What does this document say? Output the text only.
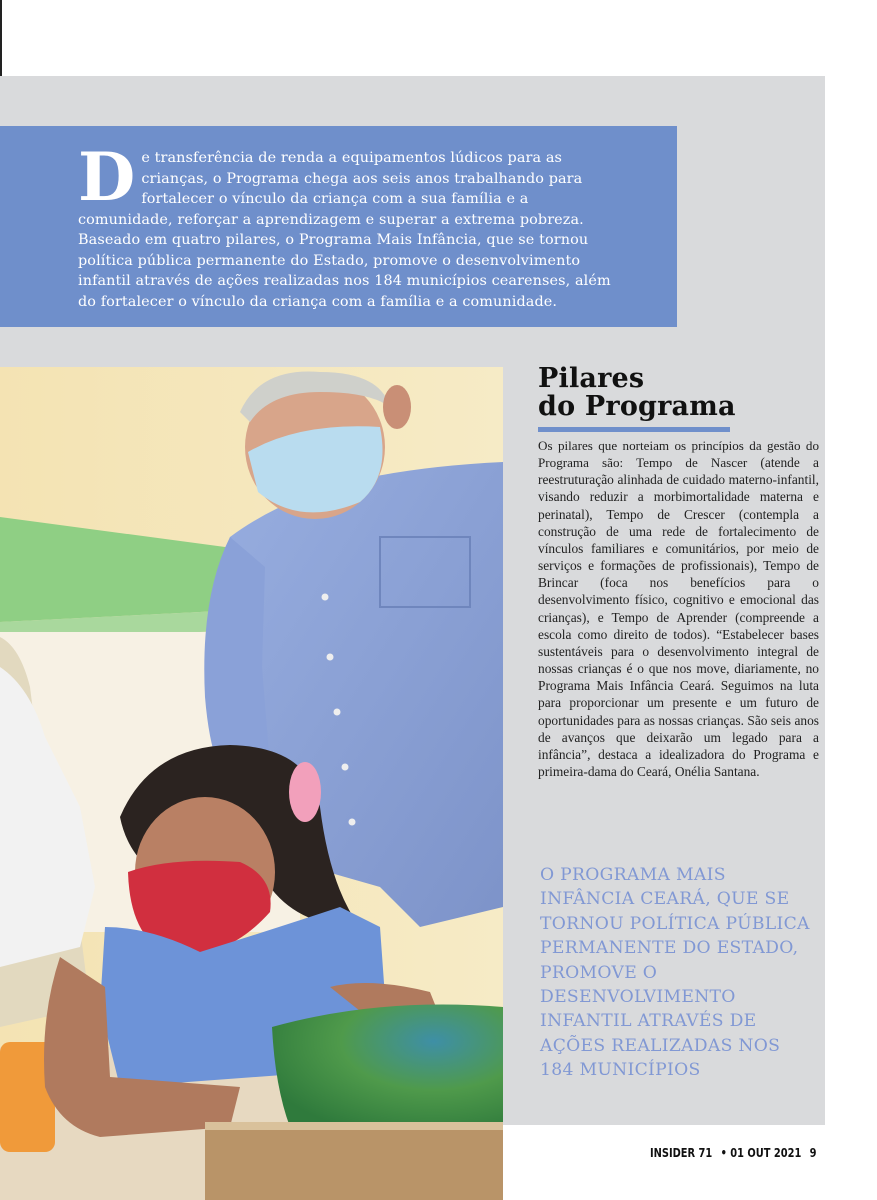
De transferência de renda a equipamentos lúdicos para as crianças, o Programa chega aos seis anos trabalhando para fortalecer o vínculo da criança com a sua família e a comunidade, reforçar a aprendizagem e superar a extrema pobreza. Baseado em quatro pilares, o Programa Mais Infância, que se tornou política pública permanente do Estado, promove o desenvolvimento infantil através de ações realizadas nos 184 municípios cearenses, além do fortalecer o vínculo da criança com a família e a comunidade.

Pilares
do Programa

Os pilares que norteiam os princípios da gestão do Programa são: Tempo de Nascer (atende a reestruturação alinhada de cuidado materno-infantil, visando reduzir a morbimortalidade materna e perinatal), Tempo de Crescer (contempla a construção de uma rede de fortalecimento de vínculos familiares e comunitários, por meio de serviços e formações de profissionais), Tempo de Brincar (foca nos benefícios para o desenvolvimento físico, cognitivo e emocional das crianças), e Tempo de Aprender (compreende a escola como direito de todos). “Estabelecer bases sustentáveis para o desenvolvimento integral de nossas crianças é o que nos move, diariamente, no Programa Mais Infância Ceará. Seguimos na luta para proporcionar um presente e um futuro de oportunidades para as nossas crianças. São seis anos de avanços que deixarão um legado para a infância”, destaca a idealizadora do Programa e primeira-dama do Ceará, Onélia Santana.

O PROGRAMA MAIS INFÂNCIA CEARÁ, QUE SE TORNOU POLÍTICA PÚBLICA PERMANENTE DO ESTADO, PROMOVE O DESENVOLVIMENTO INFANTIL ATRAVÉS DE AÇÕES REALIZADAS NOS 184 MUNICÍPIOS

INSIDER 71 • 01 OUT 2021 9
